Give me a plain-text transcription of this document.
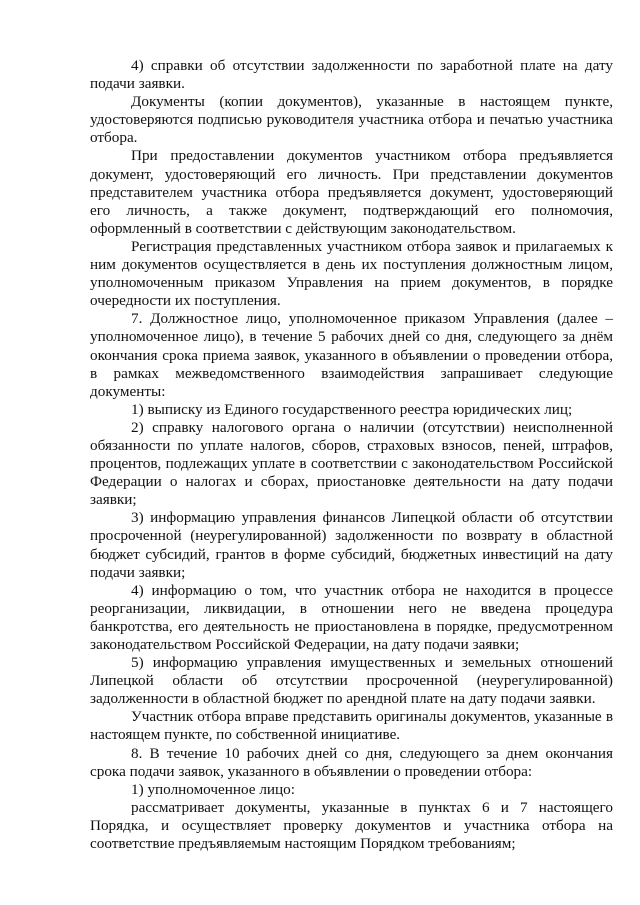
4) справки об отсутствии задолженности по заработной плате на дату подачи заявки.

Документы (копии документов), указанные в настоящем пункте, удостоверяются подписью руководителя участника отбора и печатью участника отбора.

При предоставлении документов участником отбора предъявляется документ, удостоверяющий его личность. При представлении документов представителем участника отбора предъявляется документ, удостоверяющий его личность, а также документ, подтверждающий его полномочия, оформленный в соответствии с действующим законодательством.

Регистрация представленных участником отбора заявок и прилагаемых к ним документов осуществляется в день их поступления должностным лицом, уполномоченным приказом Управления на прием документов, в порядке очередности их поступления.

7. Должностное лицо, уполномоченное приказом Управления (далее – уполномоченное лицо), в течение 5 рабочих дней со дня, следующего за днём окончания срока приема заявок, указанного в объявлении о проведении отбора, в рамках межведомственного взаимодействия запрашивает следующие документы:

1) выписку из Единого государственного реестра юридических лиц;

2) справку налогового органа о наличии (отсутствии) неисполненной обязанности по уплате налогов, сборов, страховых взносов, пеней, штрафов, процентов, подлежащих уплате в соответствии с законодательством Российской Федерации о налогах и сборах, приостановке деятельности на дату подачи заявки;

3) информацию управления финансов Липецкой области об отсутствии просроченной (неурегулированной) задолженности по возврату в областной бюджет субсидий, грантов в форме субсидий, бюджетных инвестиций на дату подачи заявки;

4) информацию о том, что участник отбора не находится в процессе реорганизации, ликвидации, в отношении него не введена процедура банкротства, его деятельность не приостановлена в порядке, предусмотренном законодательством Российской Федерации, на дату подачи заявки;

5) информацию управления имущественных и земельных отношений Липецкой области об отсутствии просроченной (неурегулированной) задолженности в областной бюджет по арендной плате на дату подачи заявки.

Участник отбора вправе представить оригиналы документов, указанные в настоящем пункте, по собственной инициативе.

8. В течение 10 рабочих дней со дня, следующего за днем окончания срока подачи заявок, указанного в объявлении о проведении отбора:

1) уполномоченное лицо:

рассматривает документы, указанные в пунктах 6 и 7 настоящего Порядка, и осуществляет проверку документов и участника отбора на соответствие предъявляемым настоящим Порядком требованиям;
